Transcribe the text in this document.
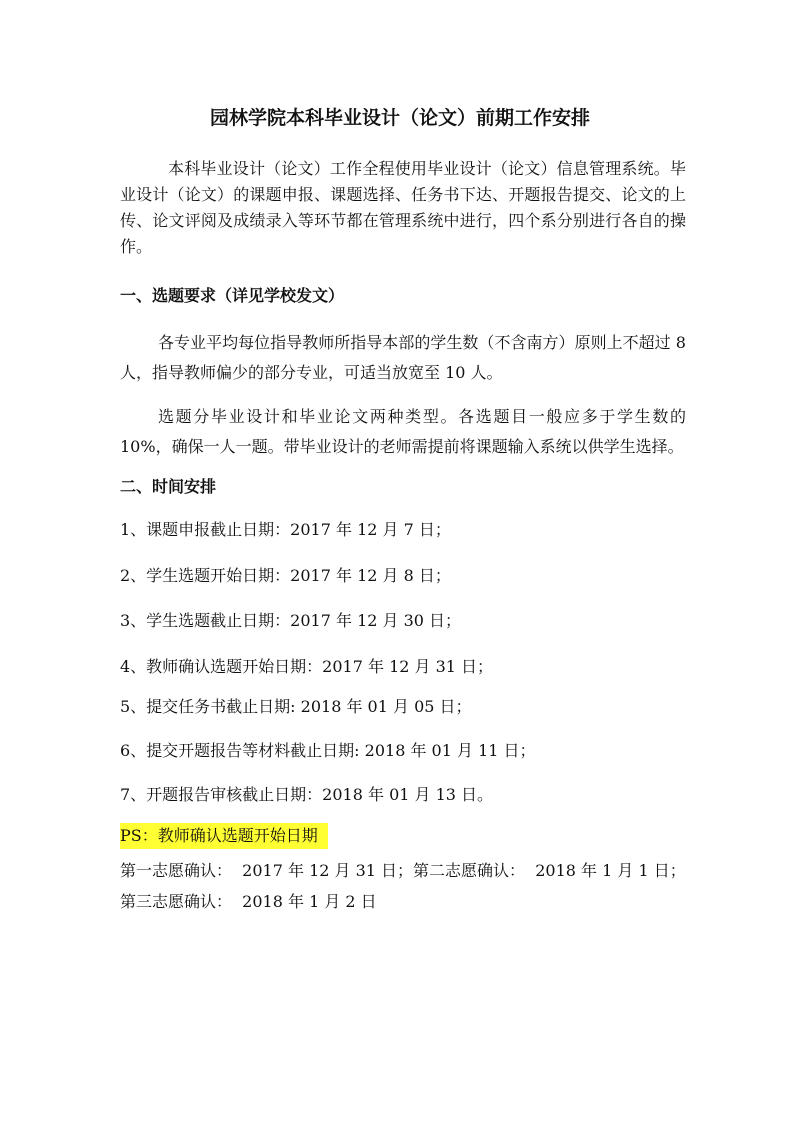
园林学院本科毕业设计（论文）前期工作安排
本科毕业设计（论文）工作全程使用毕业设计（论文）信息管理系统。毕业设计（论文）的课题申报、课题选择、任务书下达、开题报告提交、论文的上传、论文评阅及成绩录入等环节都在管理系统中进行，四个系分别进行各自的操作。
一、选题要求（详见学校发文）
各专业平均每位指导教师所指导本部的学生数（不含南方）原则上不超过 8 人，指导教师偏少的部分专业，可适当放宽至 10 人。
选题分毕业设计和毕业论文两种类型。各选题目一般应多于学生数的 10%，确保一人一题。带毕业设计的老师需提前将课题输入系统以供学生选择。
二、时间安排
1、课题申报截止日期：2017 年 12 月 7 日；
2、学生选题开始日期：2017 年 12 月 8 日；
3、学生选题截止日期：2017 年 12 月 30 日；
4、教师确认选题开始日期：2017 年 12 月 31 日；
5、提交任务书截止日期: 2018 年 01 月 05 日；
6、提交开题报告等材料截止日期: 2018 年 01 月 11 日；
7、开题报告审核截止日期：2018 年 01 月 13 日。
PS：教师确认选题开始日期
第一志愿确认：  2017 年 12 月 31 日；第二志愿确认：  2018 年 1 月 1 日；
第三志愿确认：  2018 年 1 月 2 日
